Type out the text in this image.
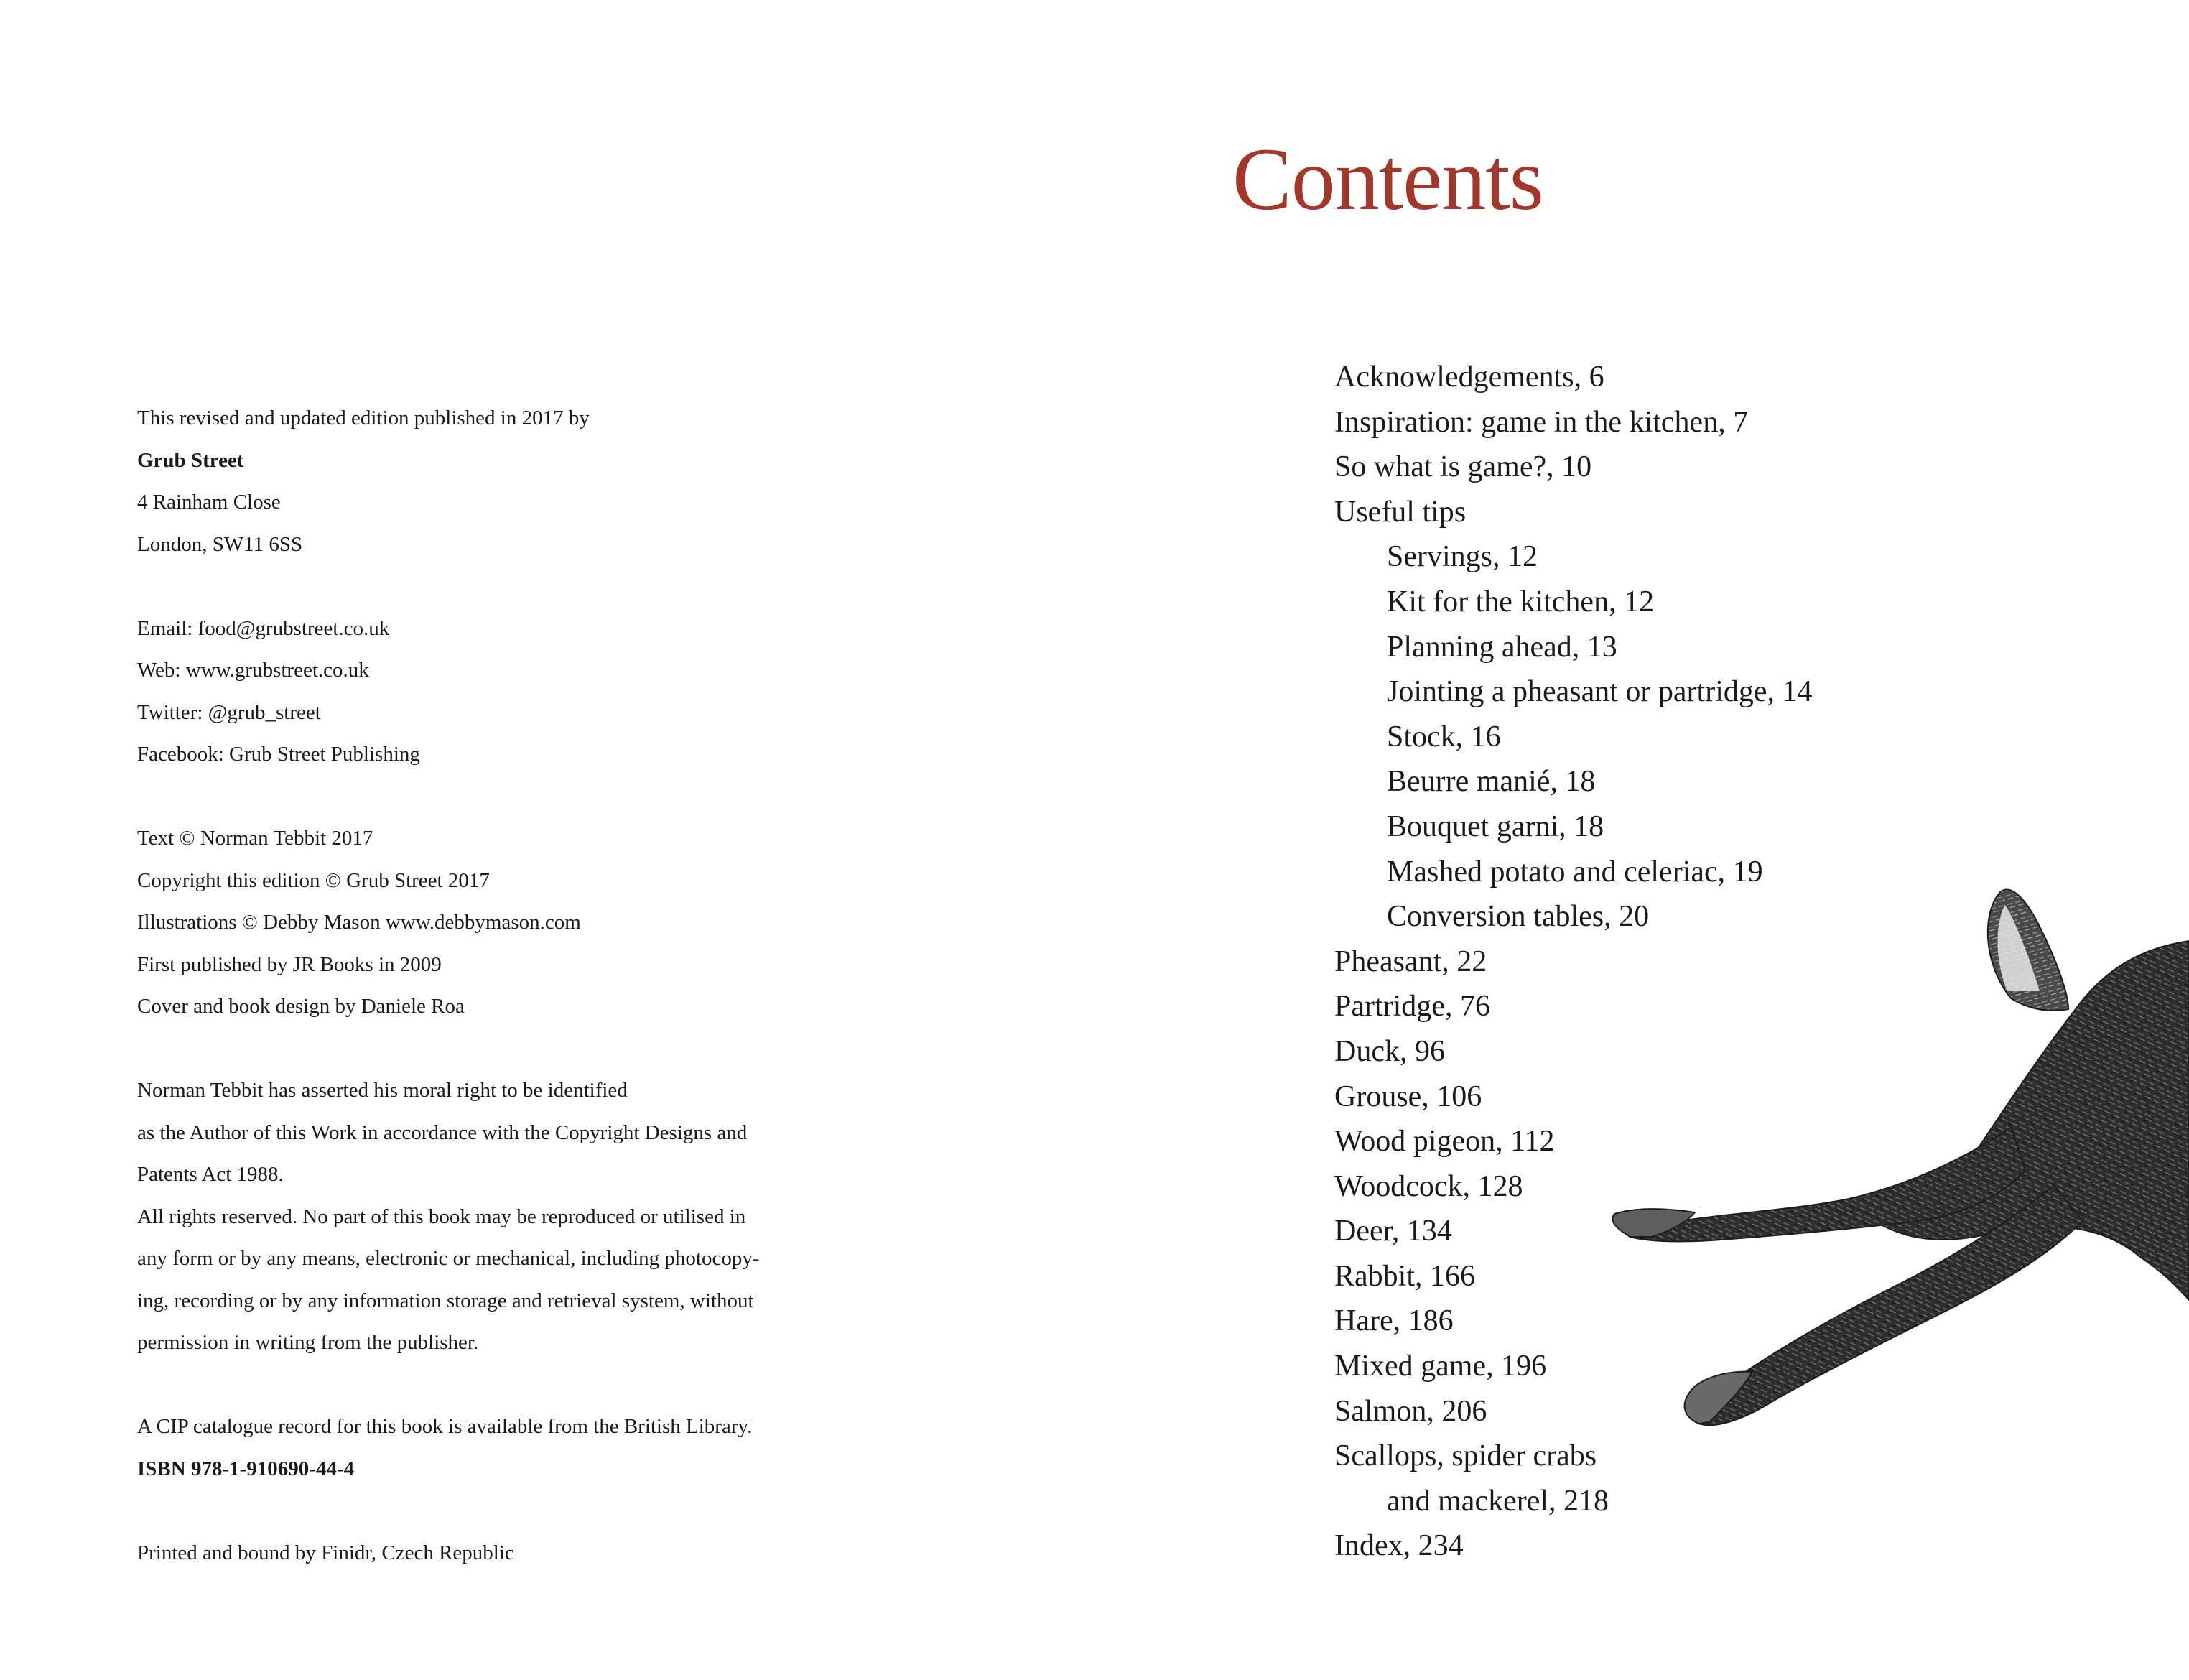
This revised and updated edition published in 2017 by
Grub Street
4 Rainham Close
London, SW11 6SS
Email: food@grubstreet.co.uk
Web: www.grubstreet.co.uk
Twitter: @grub_street
Facebook: Grub Street Publishing
Text © Norman Tebbit 2017
Copyright this edition © Grub Street 2017
Illustrations © Debby Mason www.debbymason.com
First published by JR Books in 2009
Cover and book design by Daniele Roa
Norman Tebbit has asserted his moral right to be identified
as the Author of this Work in accordance with the Copyright Designs and
Patents Act 1988.
All rights reserved. No part of this book may be reproduced or utilised in
any form or by any means, electronic or mechanical, including photocopy-
ing, recording or by any information storage and retrieval system, without
permission in writing from the publisher.
A CIP catalogue record for this book is available from the British Library.
ISBN 978-1-910690-44-4
Printed and bound by Finidr, Czech Republic
Contents
Acknowledgements, 6
Inspiration: game in the kitchen, 7
So what is game?, 10
Useful tips
Servings, 12
Kit for the kitchen, 12
Planning ahead, 13
Jointing a pheasant or partridge, 14
Stock, 16
Beurre manié, 18
Bouquet garni, 18
Mashed potato and celeriac, 19
Conversion tables, 20
Pheasant, 22
Partridge, 76
Duck, 96
Grouse, 106
Wood pigeon, 112
Woodcock, 128
Deer, 134
Rabbit, 166
Hare, 186
Mixed game, 196
Salmon, 206
Scallops, spider crabs
and mackerel, 218
Index, 234
